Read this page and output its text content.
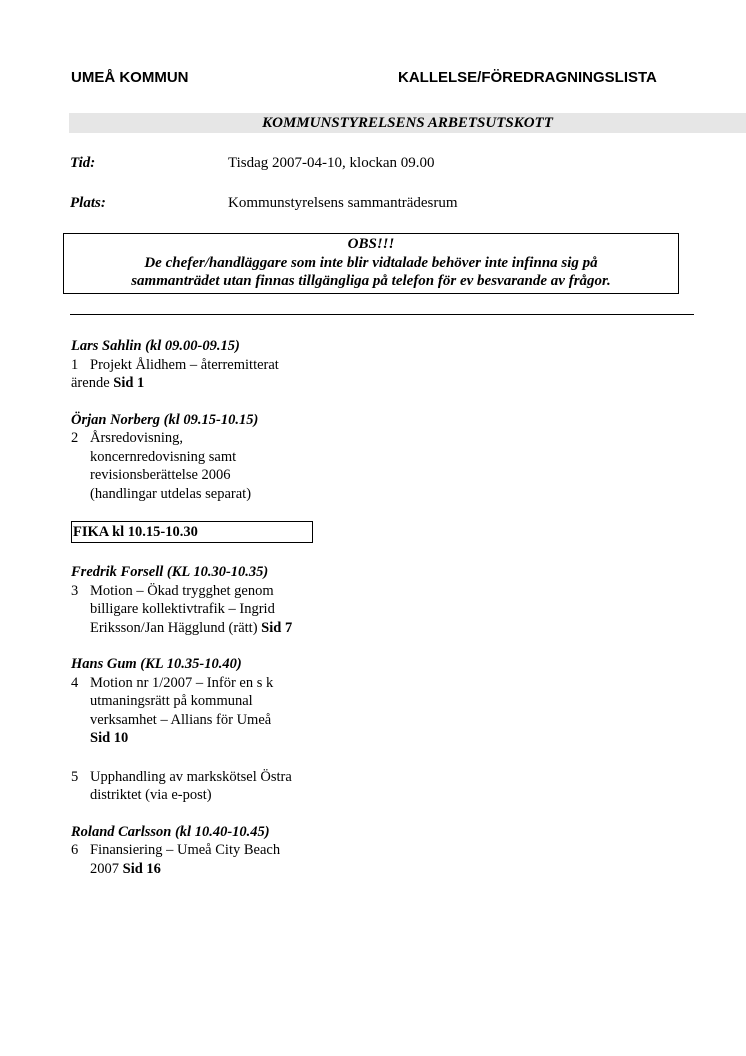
UMEÅ KOMMUN	KALLELSE/FÖREDRAGNINGSLISTA
KOMMUNSTYRELSENS ARBETSUTSKOTT
Tid:	Tisdag 2007-04-10, klockan 09.00
Plats:	Kommunstyrelsens sammanträdesrum
OBS!!!
De chefer/handläggare som inte blir vidtalade behöver inte infinna sig på
sammanträdet utan finnas tillgängliga på telefon för ev besvarande av frågor.
Lars Sahlin (kl 09.00-09.15)
1 Projekt Ålidhem – återremitterat ärende Sid 1
Örjan Norberg (kl 09.15-10.15)
2 Årsredovisning, koncernredovisning samt revisionsberättelse 2006 (handlingar utdelas separat)
FIKA kl 10.15-10.30
Fredrik Forsell (KL 10.30-10.35)
3 Motion – Ökad trygghet genom billigare kollektivtrafik – Ingrid Eriksson/Jan Hägglund (rätt) Sid 7
Hans Gum (KL 10.35-10.40)
4 Motion nr 1/2007 – Inför en s k utmaningsrätt på kommunal verksamhet – Allians för Umeå
Sid 10
5 Upphandling av markskötsel Östra distriktet (via e-post)
Roland Carlsson (kl 10.40-10.45)
6 Finansiering – Umeå City Beach 2007 Sid 16
